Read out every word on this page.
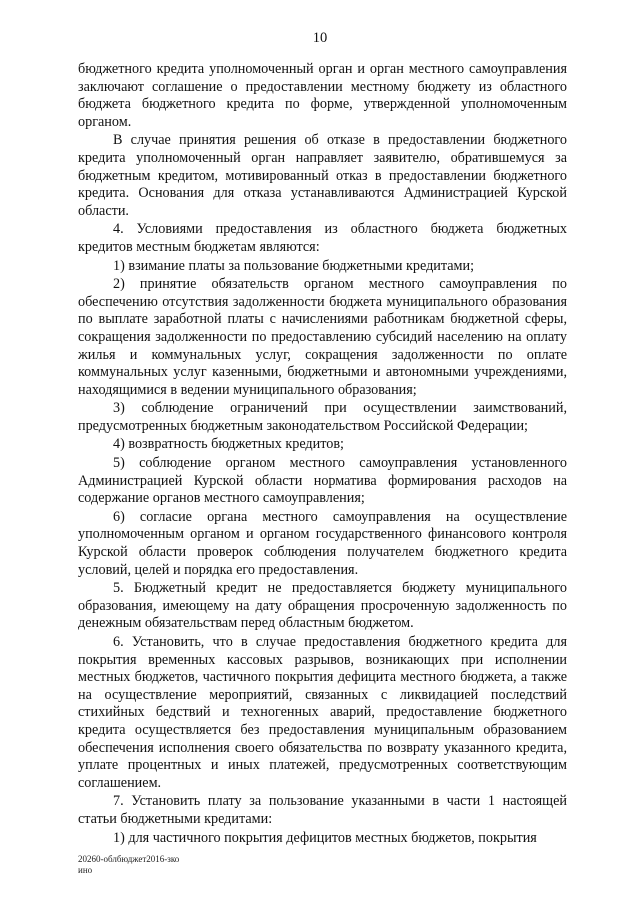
10

бюджетного кредита уполномоченный орган и орган местного самоуправления заключают соглашение о предоставлении местному бюджету из областного бюджета бюджетного кредита по форме, утвержденной уполномоченным органом.

В случае принятия решения об отказе в предоставлении бюджетного кредита уполномоченный орган направляет заявителю, обратившемуся за бюджетным кредитом, мотивированный отказ в предоставлении бюджетного кредита. Основания для отказа устанавливаются Администрацией Курской области.

4. Условиями предоставления из областного бюджета бюджетных кредитов местным бюджетам являются:

1) взимание платы за пользование бюджетными кредитами;

2) принятие обязательств органом местного самоуправления по обеспечению отсутствия задолженности бюджета муниципального образования по выплате заработной платы с начислениями работникам бюджетной сферы, сокращения задолженности по предоставлению субсидий населению на оплату жилья и коммунальных услуг, сокращения задолженности по оплате коммунальных услуг казенными, бюджетными и автономными учреждениями, находящимися в ведении муниципального образования;

3) соблюдение ограничений при осуществлении заимствований, предусмотренных бюджетным законодательством Российской Федерации;

4) возвратность бюджетных кредитов;

5) соблюдение органом местного самоуправления установленного Администрацией Курской области норматива формирования расходов на содержание органов местного самоуправления;

6) согласие органа местного самоуправления на осуществление уполномоченным органом и органом государственного финансового контроля Курской области проверок соблюдения получателем бюджетного кредита условий, целей и порядка его предоставления.

5. Бюджетный кредит не предоставляется бюджету муниципального образования, имеющему на дату обращения просроченную задолженность по денежным обязательствам перед областным бюджетом.

6. Установить, что в случае предоставления бюджетного кредита для покрытия временных кассовых разрывов, возникающих при исполнении местных бюджетов, частичного покрытия дефицита местного бюджета, а также на осуществление мероприятий, связанных с ликвидацией последствий стихийных бедствий и техногенных аварий, предоставление бюджетного кредита осуществляется без предоставления муниципальным образованием обеспечения исполнения своего обязательства по возврату указанного кредита, уплате процентных и иных платежей, предусмотренных соответствующим соглашением.

7. Установить плату за пользование указанными в части 1 настоящей статьи бюджетными кредитами:

1) для частичного покрытия дефицитов местных бюджетов, покрытия

20260-облбюджет2016-зко
ино
